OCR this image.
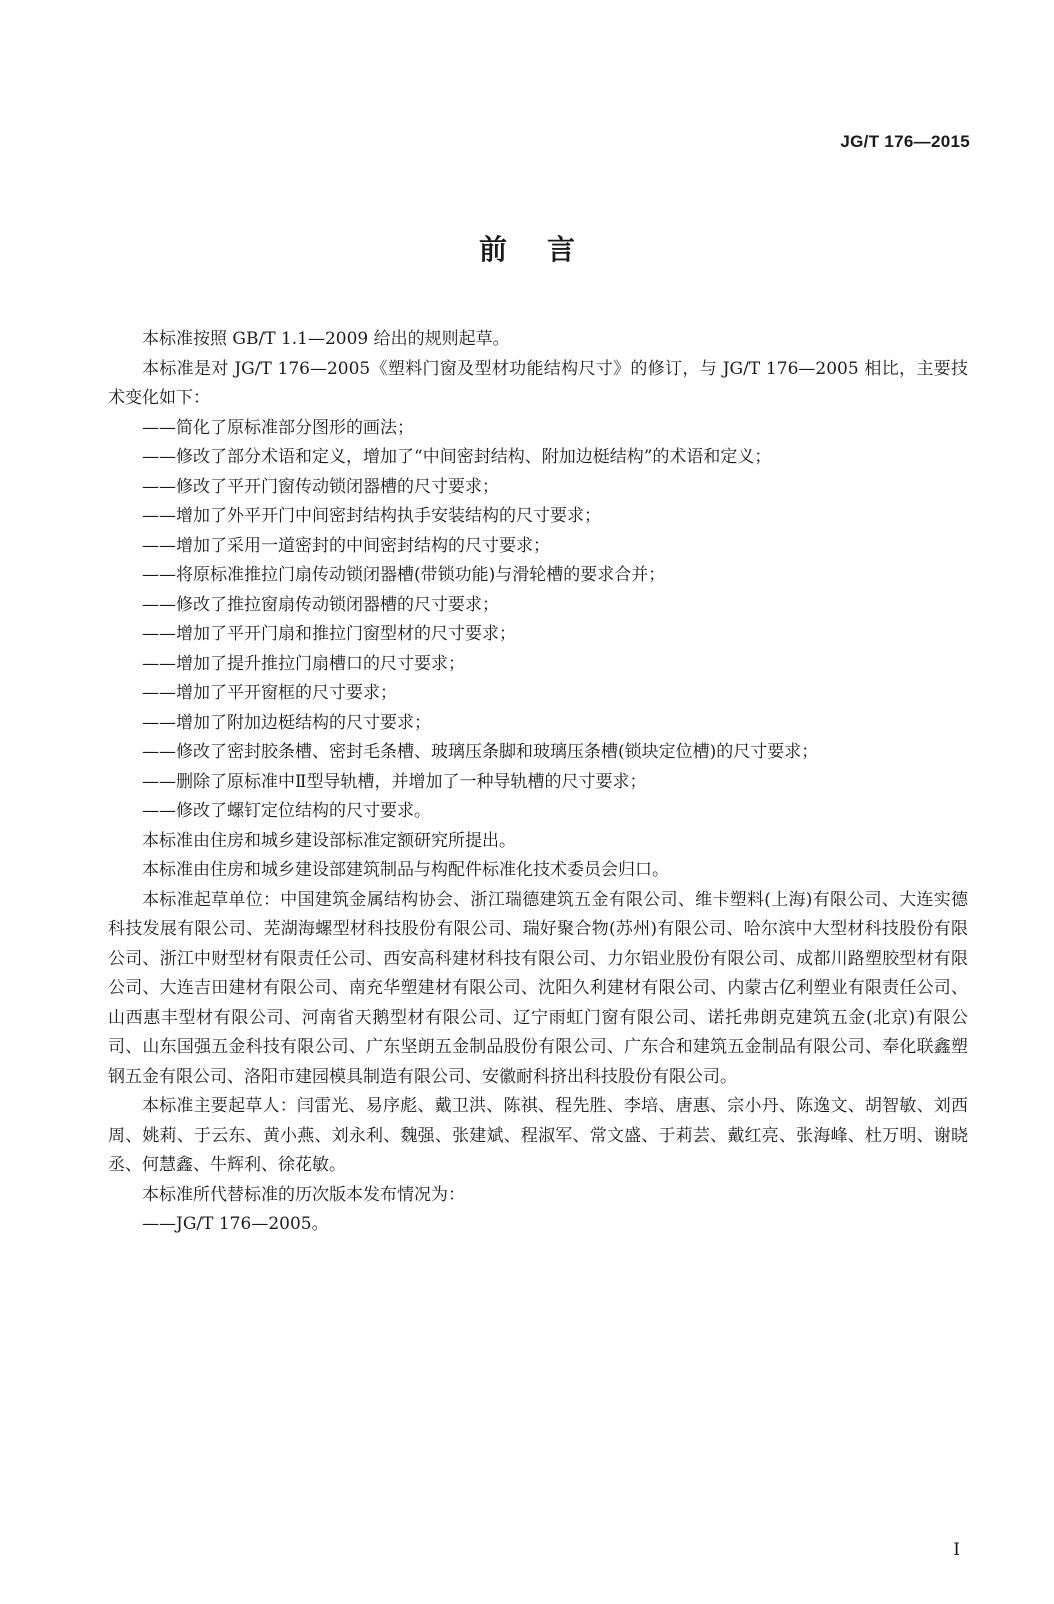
JG/T 176—2015
前言

本标准按照 GB/T 1.1—2009 给出的规则起草。

本标准是对 JG/T 176—2005《塑料门窗及型材功能结构尺寸》的修订，与 JG/T 176—2005 相比，主要技术变化如下：

——简化了原标准部分图形的画法；
——修改了部分术语和定义，增加了“中间密封结构、附加边梃结构”的术语和定义；
——修改了平开门窗传动锁闭器槽的尺寸要求；
——增加了外平开门中间密封结构执手安装结构的尺寸要求；
——增加了采用一道密封的中间密封结构的尺寸要求；
——将原标准推拉门扇传动锁闭器槽(带锁功能)与滑轮槽的要求合并；
——修改了推拉窗扇传动锁闭器槽的尺寸要求；
——增加了平开门扇和推拉门窗型材的尺寸要求；
——增加了提升推拉门扇槽口的尺寸要求；
——增加了平开窗框的尺寸要求；
——增加了附加边梃结构的尺寸要求；
——修改了密封胶条槽、密封毛条槽、玻璃压条脚和玻璃压条槽(锁块定位槽)的尺寸要求；
——删除了原标准中Ⅱ型导轨槽，并增加了一种导轨槽的尺寸要求；
——修改了螺钉定位结构的尺寸要求。

本标准由住房和城乡建设部标准定额研究所提出。

本标准由住房和城乡建设部建筑制品与构配件标准化技术委员会归口。

本标准起草单位：中国建筑金属结构协会、浙江瑞德建筑五金有限公司、维卡塑料(上海)有限公司、大连实德科技发展有限公司、芜湖海螺型材科技股份有限公司、瑞好聚合物(苏州)有限公司、哈尔滨中大型材科技股份有限公司、浙江中财型材有限责任公司、西安高科建材科技有限公司、力尔铝业股份有限公司、成都川路塑胶型材有限公司、大连吉田建材有限公司、南充华塑建材有限公司、沈阳久利建材有限公司、内蒙古亿利塑业有限责任公司、山西惠丰型材有限公司、河南省天鹅型材有限公司、辽宁雨虹门窗有限公司、诺托弗朗克建筑五金(北京)有限公司、山东国强五金科技有限公司、广东坚朗五金制品股份有限公司、广东合和建筑五金制品有限公司、奉化联鑫塑钢五金有限公司、洛阳市建园模具制造有限公司、安徽耐科挤出科技股份有限公司。

本标准主要起草人：闫雷光、易序彪、戴卫洪、陈祺、程先胜、李培、唐惠、宗小丹、陈逸文、胡智敏、刘西周、姚莉、于云东、黄小燕、刘永利、魏强、张建斌、程淑军、常文盛、于莉芸、戴红亮、张海峰、杜万明、谢晓丞、何慧鑫、牛辉利、徐花敏。

本标准所代替标准的历次版本发布情况为：

——JG/T 176—2005。
I
